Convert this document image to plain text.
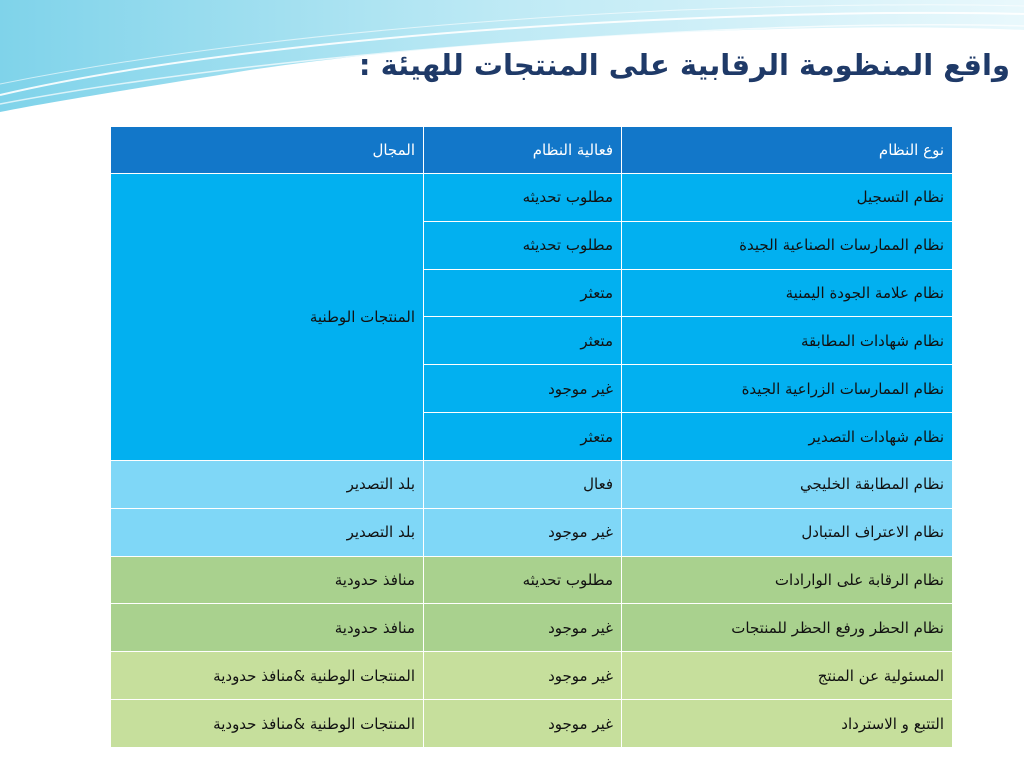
واقع المنظومة الرقابية على المنتجات للهيئة :
نوع النظام	فعالية النظام	المجال
نظام التسجيل	مطلوب تحديثه	المنتجات الوطنية
نظام الممارسات الصناعية الجيدة	مطلوب تحديثه	
نظام علامة الجودة اليمنية	متعثر	
نظام شهادات المطابقة	متعثر	
نظام الممارسات الزراعية الجيدة	غير موجود	
نظام شهادات التصدير	متعثر	
نظام المطابقة الخليجي	فعال	بلد التصدير
نظام الاعتراف المتبادل	غير موجود	بلد التصدير
نظام الرقابة على الوارادات	مطلوب تحديثه	منافذ حدودية
نظام الحظر ورفع الحظر للمنتجات	غير موجود	منافذ حدودية
المسئولية عن المنتج	غير موجود	المنتجات الوطنية &منافذ حدودية
التتبع و الاسترداد	غير موجود	المنتجات الوطنية &منافذ حدودية
